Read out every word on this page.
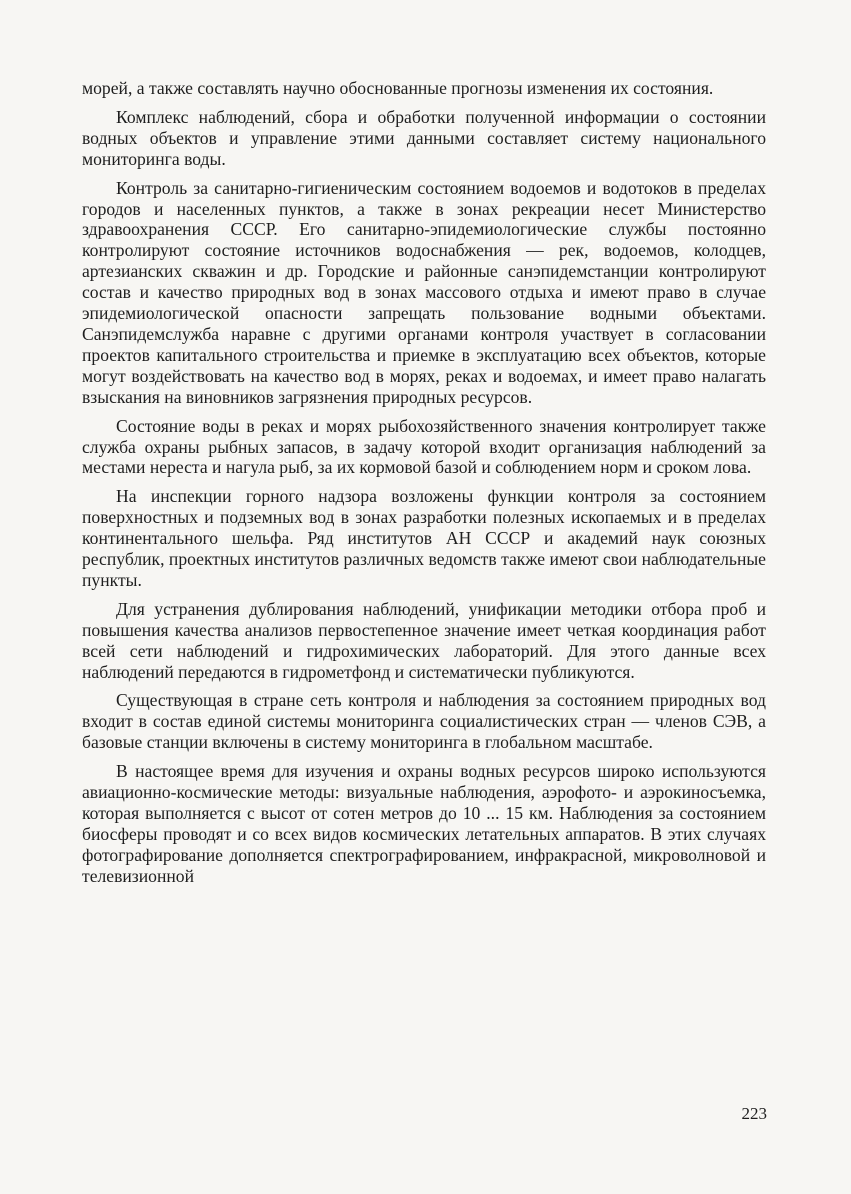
морей, а также составлять научно обоснованные прогнозы изменения их состояния.

Комплекс наблюдений, сбора и обработки полученной информации о состоянии водных объектов и управление этими данными составляет систему национального мониторинга воды.

Контроль за санитарно-гигиеническим состоянием водоемов и водотоков в пределах городов и населенных пунктов, а также в зонах рекреации несет Министерство здравоохранения СССР. Его санитарно-эпидемиологические службы постоянно контролируют состояние источников водоснабжения — рек, водоемов, колодцев, артезианских скважин и др. Городские и районные санэпидемстанции контролируют состав и качество природных вод в зонах массового отдыха и имеют право в случае эпидемиологической опасности запрещать пользование водными объектами. Санэпидемслужба наравне с другими органами контроля участвует в согласовании проектов капитального строительства и приемке в эксплуатацию всех объектов, которые могут воздействовать на качество вод в морях, реках и водоемах, и имеет право налагать взыскания на виновников загрязнения природных ресурсов.

Состояние воды в реках и морях рыбохозяйственного значения контролирует также служба охраны рыбных запасов, в задачу которой входит организация наблюдений за местами нереста и нагула рыб, за их кормовой базой и соблюдением норм и сроком лова.

На инспекции горного надзора возложены функции контроля за состоянием поверхностных и подземных вод в зонах разработки полезных ископаемых и в пределах континентального шельфа. Ряд институтов АН СССР и академий наук союзных республик, проектных институтов различных ведомств также имеют свои наблюдательные пункты.

Для устранения дублирования наблюдений, унификации методики отбора проб и повышения качества анализов первостепенное значение имеет четкая координация работ всей сети наблюдений и гидрохимических лабораторий. Для этого данные всех наблюдений передаются в гидрометфонд и систематически публикуются.

Существующая в стране сеть контроля и наблюдения за состоянием природных вод входит в состав единой системы мониторинга социалистических стран — членов СЭВ, а базовые станции включены в систему мониторинга в глобальном масштабе.

В настоящее время для изучения и охраны водных ресурсов широко используются авиационно-космические методы: визуальные наблюдения, аэрофото- и аэрокиносъемка, которая выполняется с высот от сотен метров до 10 ... 15 км. Наблюдения за состоянием биосферы проводят и со всех видов космических летательных аппаратов. В этих случаях фотографирование дополняется спектрографированием, инфракрасной, микроволновой и телевизионной

223
